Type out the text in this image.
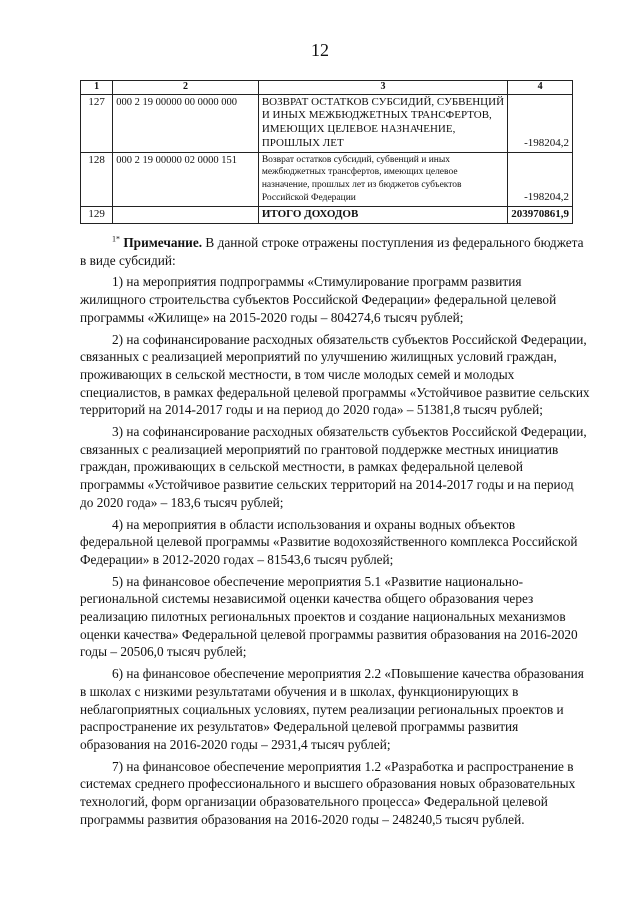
12
1	2	3	4
127	000 2 19 00000 00 0000 000	ВОЗВРАТ ОСТАТКОВ СУБСИДИЙ, СУБВЕНЦИЙ И ИНЫХ МЕЖБЮДЖЕТНЫХ ТРАНСФЕРТОВ, ИМЕЮЩИХ ЦЕЛЕВОЕ НАЗНАЧЕНИЕ, ПРОШЛЫХ ЛЕТ	-198204,2
128	000 2 19 00000 02 0000 151	Возврат остатков субсидий, субвенций и иных межбюджетных трансфертов, имеющих целевое назначение, прошлых лет из бюджетов субъектов Российской Федерации	-198204,2
129		ИТОГО ДОХОДОВ	203970861,9

$^{1*}$ Примечание. В данной строке отражены поступления из федерального бюджета в виде субсидий:

1) на мероприятия подпрограммы «Стимулирование программ развития жилищного строительства субъектов Российской Федерации» федеральной целевой программы «Жилище» на 2015-2020 годы – 804274,6 тысяч рублей;

2) на софинансирование расходных обязательств субъектов Российской Федерации, связанных с реализацией мероприятий по улучшению жилищных условий граждан, проживающих в сельской местности, в том числе молодых семей и молодых специалистов, в рамках федеральной целевой программы «Устойчивое развитие сельских территорий на 2014-2017 годы и на период до 2020 года» – 51381,8 тысяч рублей;

3) на софинансирование расходных обязательств субъектов Российской Федерации, связанных с реализацией мероприятий по грантовой поддержке местных инициатив граждан, проживающих в сельской местности, в рамках федеральной целевой программы «Устойчивое развитие сельских территорий на 2014-2017 годы и на период до 2020 года» – 183,6 тысяч рублей;

4) на мероприятия в области использования и охраны водных объектов федеральной целевой программы «Развитие водохозяйственного комплекса Российской Федерации» в 2012-2020 годах – 81543,6 тысяч рублей;

5) на финансовое обеспечение мероприятия 5.1 «Развитие национально-региональной системы независимой оценки качества общего образования через реализацию пилотных региональных проектов и создание национальных механизмов оценки качества» Федеральной целевой программы развития образования на 2016-2020 годы – 20506,0 тысяч рублей;

6) на финансовое обеспечение мероприятия 2.2 «Повышение качества образования в школах с низкими результатами обучения и в школах, функционирующих в неблагоприятных социальных условиях, путем реализации региональных проектов и распространение их результатов» Федеральной целевой программы развития образования на 2016-2020 годы – 2931,4 тысяч рублей;

7) на финансовое обеспечение мероприятия 1.2 «Разработка и распространение в системах среднего профессионального и высшего образования новых образовательных технологий, форм организации образовательного процесса» Федеральной целевой программы развития образования на 2016-2020 годы – 248240,5 тысяч рублей.
